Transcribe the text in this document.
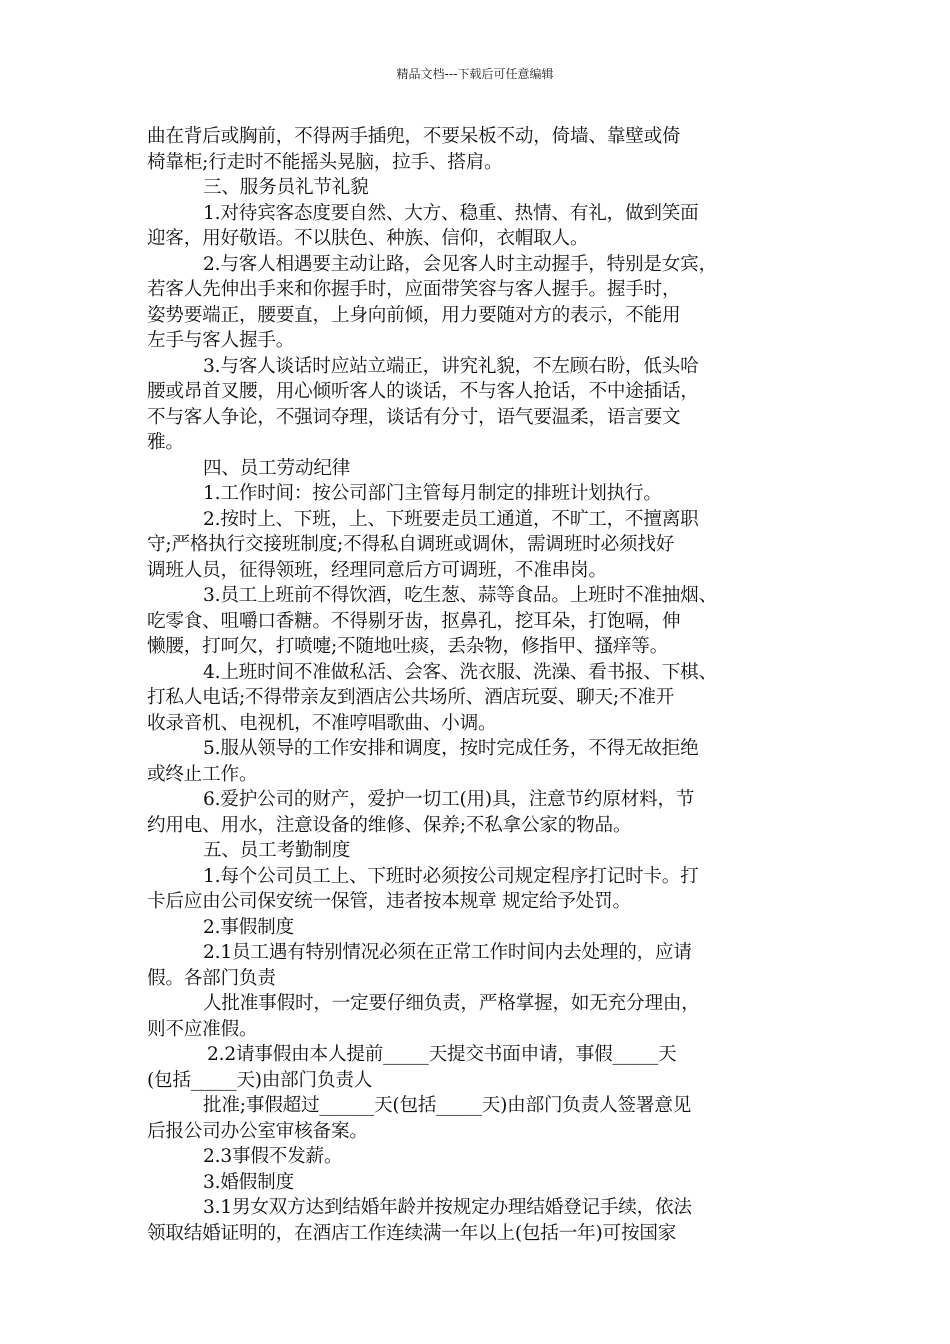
精品文档---下载后可任意编辑
曲在背后或胸前，不得两手插兜，不要呆板不动，倚墙、靠壁或倚
椅靠柜;行走时不能摇头晃脑，拉手、搭肩。
三、服务员礼节礼貌
1.对待宾客态度要自然、大方、稳重、热情、有礼，做到笑面
迎客，用好敬语。不以肤色、种族、信仰，衣帽取人。
2.与客人相遇要主动让路，会见客人时主动握手，特别是女宾，
若客人先伸出手来和你握手时，应面带笑容与客人握手。握手时，
姿势要端正，腰要直，上身向前倾，用力要随对方的表示，不能用
左手与客人握手。
3.与客人谈话时应站立端正，讲究礼貌，不左顾右盼，低头哈
腰或昂首叉腰，用心倾听客人的谈话，不与客人抢话，不中途插话，
不与客人争论，不强词夺理，谈话有分寸，语气要温柔，语言要文
雅。
四、员工劳动纪律
1.工作时间：按公司部门主管每月制定的排班计划执行。
2.按时上、下班，上、下班要走员工通道，不旷工，不擅离职
守;严格执行交接班制度;不得私自调班或调休，需调班时必须找好
调班人员，征得领班，经理同意后方可调班，不准串岗。
3.员工上班前不得饮酒，吃生葱、蒜等食品。上班时不准抽烟、
吃零食、咀嚼口香糖。不得剔牙齿，抠鼻孔，挖耳朵，打饱嗝，伸
懒腰，打呵欠，打喷嚏;不随地吐痰，丢杂物，修指甲、搔痒等。
4.上班时间不准做私活、会客、洗衣服、洗澡、看书报、下棋、
打私人电话;不得带亲友到酒店公共场所、酒店玩耍、聊天;不准开
收录音机、电视机，不准哼唱歌曲、小调。
5.服从领导的工作安排和调度，按时完成任务，不得无故拒绝
或终止工作。
6.爱护公司的财产，爱护一切工(用)具，注意节约原材料，节
约用电、用水，注意设备的维修、保养;不私拿公家的物品。
五、员工考勤制度
1.每个公司员工上、下班时必须按公司规定程序打记时卡。打
卡后应由公司保安统一保管，违者按本规章 规定给予处罚。
2.事假制度
2.1员工遇有特别情况必须在正常工作时间内去处理的，应请
假。各部门负责
人批准事假时，一定要仔细负责，严格掌握，如无充分理由，
则不应准假。
2.2请事假由本人提前_____天提交书面申请，事假_____天
(包括_____天)由部门负责人
批准;事假超过______天(包括_____天)由部门负责人签署意见
后报公司办公室审核备案。
2.3事假不发薪。
3.婚假制度
3.1男女双方达到结婚年龄并按规定办理结婚登记手续，依法
领取结婚证明的，在酒店工作连续满一年以上(包括一年)可按国家
